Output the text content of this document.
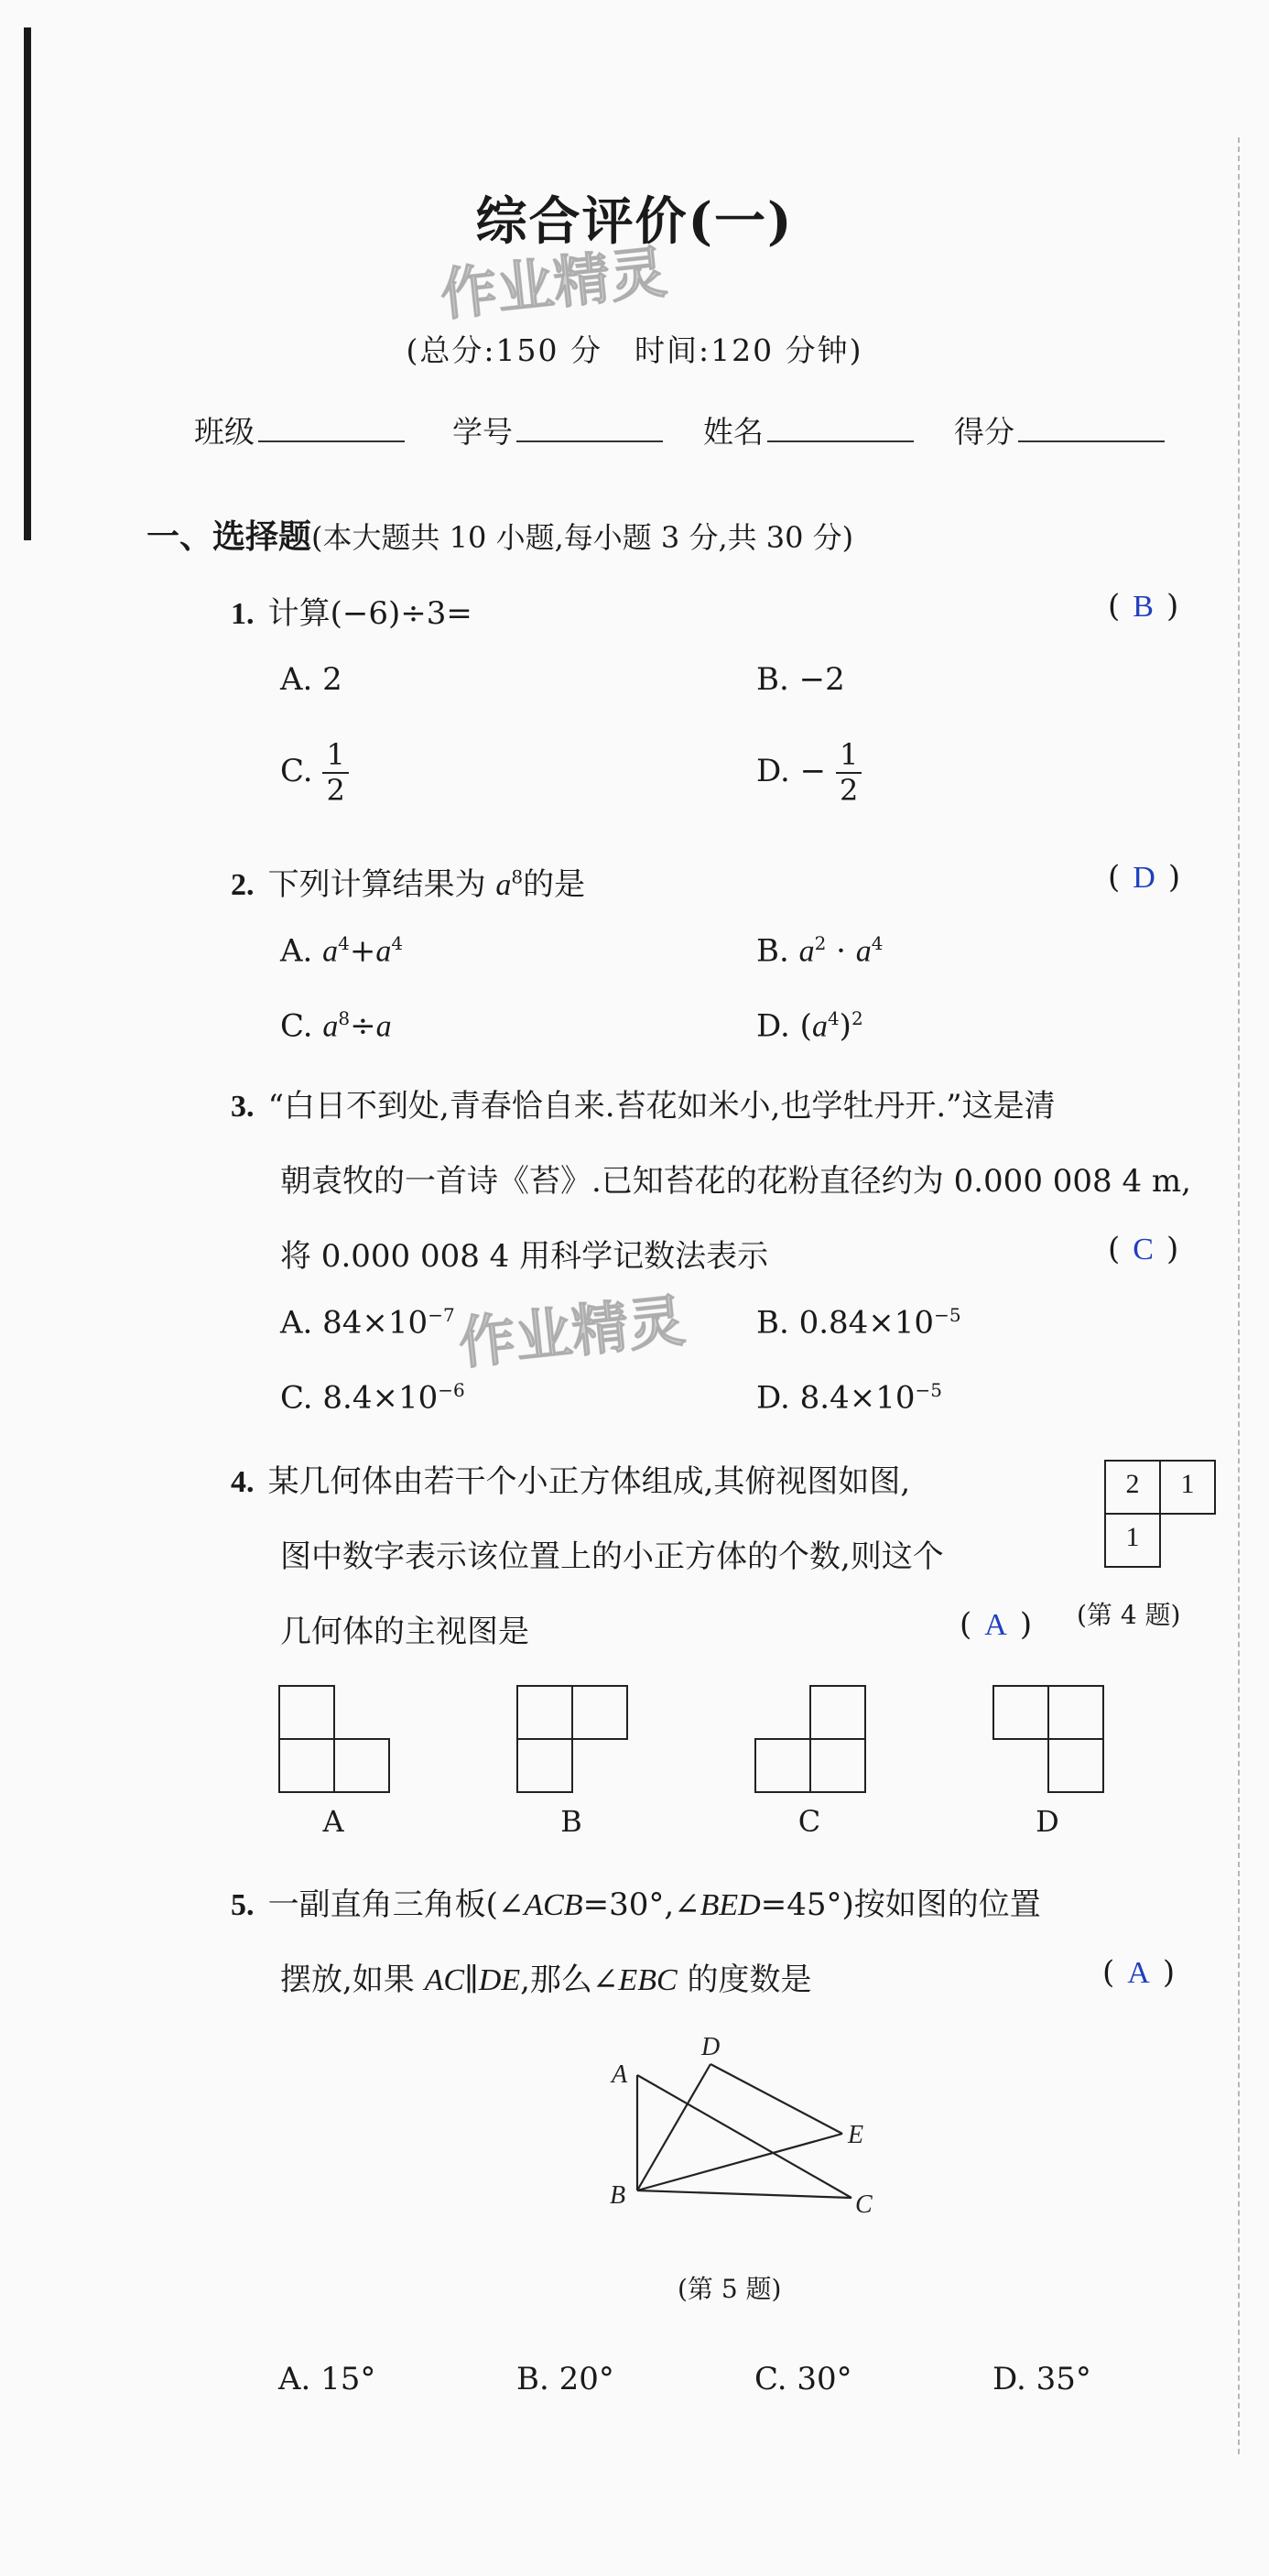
综合评价(一)
作业精灵
(总分:150 分　时间:120 分钟)
班级	学号	姓名	得分
一、选择题(本大题共 10 小题,每小题 3 分,共 30 分)
1. 计算(−6)÷3=	( B )
A. 2	B. −2
C. $\frac{1}{2}$	D. − $\frac{1}{2}$
2. 下列计算结果为 $a^8$的是	( D )
A. $a^4+a^4$	B. $a^2 \cdot a^4$
C. $a^8\div a$	D. $(a^4)^2$
3. “白日不到处,青春恰自来.苔花如米小,也学牡丹开.”这是清
朝袁牧的一首诗《苔》.已知苔花的花粉直径约为 0.000 008 4 m,
将 0.000 008 4 用科学记数法表示	( C )
A. $84\times 10^{-7}$	B. $0.84\times 10^{-5}$
C. $8.4\times 10^{-6}$	D. $8.4\times 10^{-5}$
作业精灵
4. 某几何体由若干个小正方体组成,其俯视图如图,
图中数字表示该位置上的小正方体的个数,则这个
几何体的主视图是	( A ) (第 4 题)
2	1
1
A	B	C	D
5. 一副直角三角板(∠ACB=30°,∠BED=45°)按如图的位置
摆放,如果 AC∥DE,那么∠EBC 的度数是	( A )
A
B	C
D
E
(第 5 题)
A. 15°	B. 20°	C. 30°	D. 35°
